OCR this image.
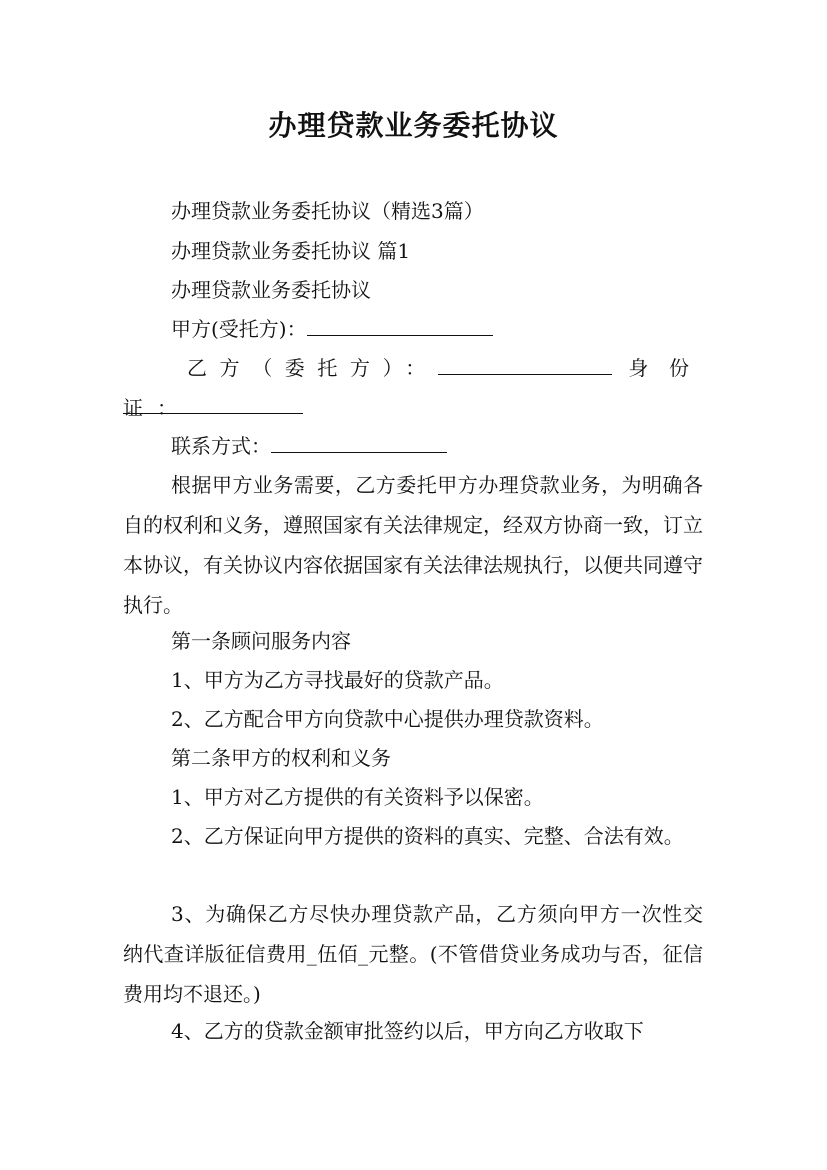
办理贷款业务委托协议

办理贷款业务委托协议（精选3篇）

办理贷款业务委托协议 篇1

办理贷款业务委托协议

甲方(受托方)：

乙方（委托方）：	身份证：

联系方式：

根据甲方业务需要，乙方委托甲方办理贷款业务，为明确各自的权利和义务，遵照国家有关法律规定，经双方协商一致，订立本协议，有关协议内容依据国家有关法律法规执行，以便共同遵守执行。

第一条顾问服务内容

1、甲方为乙方寻找最好的贷款产品。

2、乙方配合甲方向贷款中心提供办理贷款资料。

第二条甲方的权利和义务

1、甲方对乙方提供的有关资料予以保密。

2、乙方保证向甲方提供的资料的真实、完整、合法有效。

3、为确保乙方尽快办理贷款产品，乙方须向甲方一次性交纳代查详版征信费用_伍佰_元整。(不管借贷业务成功与否，征信费用均不退还。)

4、乙方的贷款金额审批签约以后，甲方向乙方收取下
